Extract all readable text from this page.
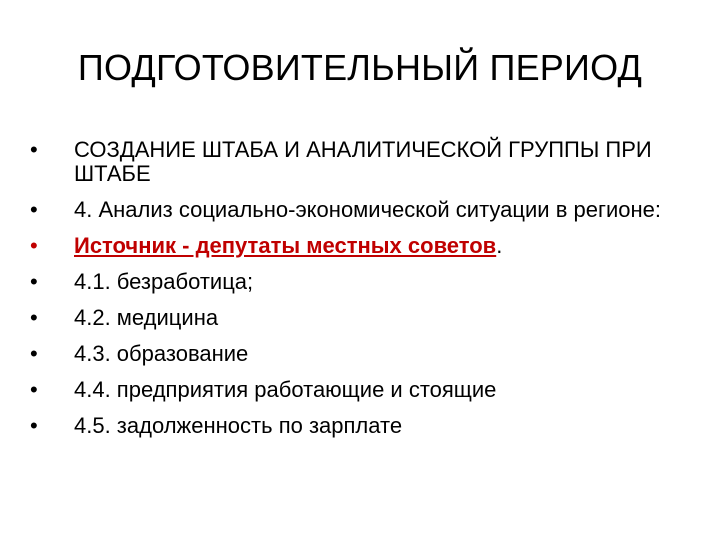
ПОДГОТОВИТЕЛЬНЫЙ ПЕРИОД
•	СОЗДАНИЕ ШТАБА И АНАЛИТИЧЕСКОЙ ГРУППЫ ПРИ ШТАБЕ
•	4. Анализ социально-экономической ситуации в регионе:
•	Источник - депутаты местных советов.
•	4.1. безработица;
•	4.2. медицина
•	4.3. образование
•	4.4. предприятия работающие и стоящие
•	4.5. задолженность по зарплате
